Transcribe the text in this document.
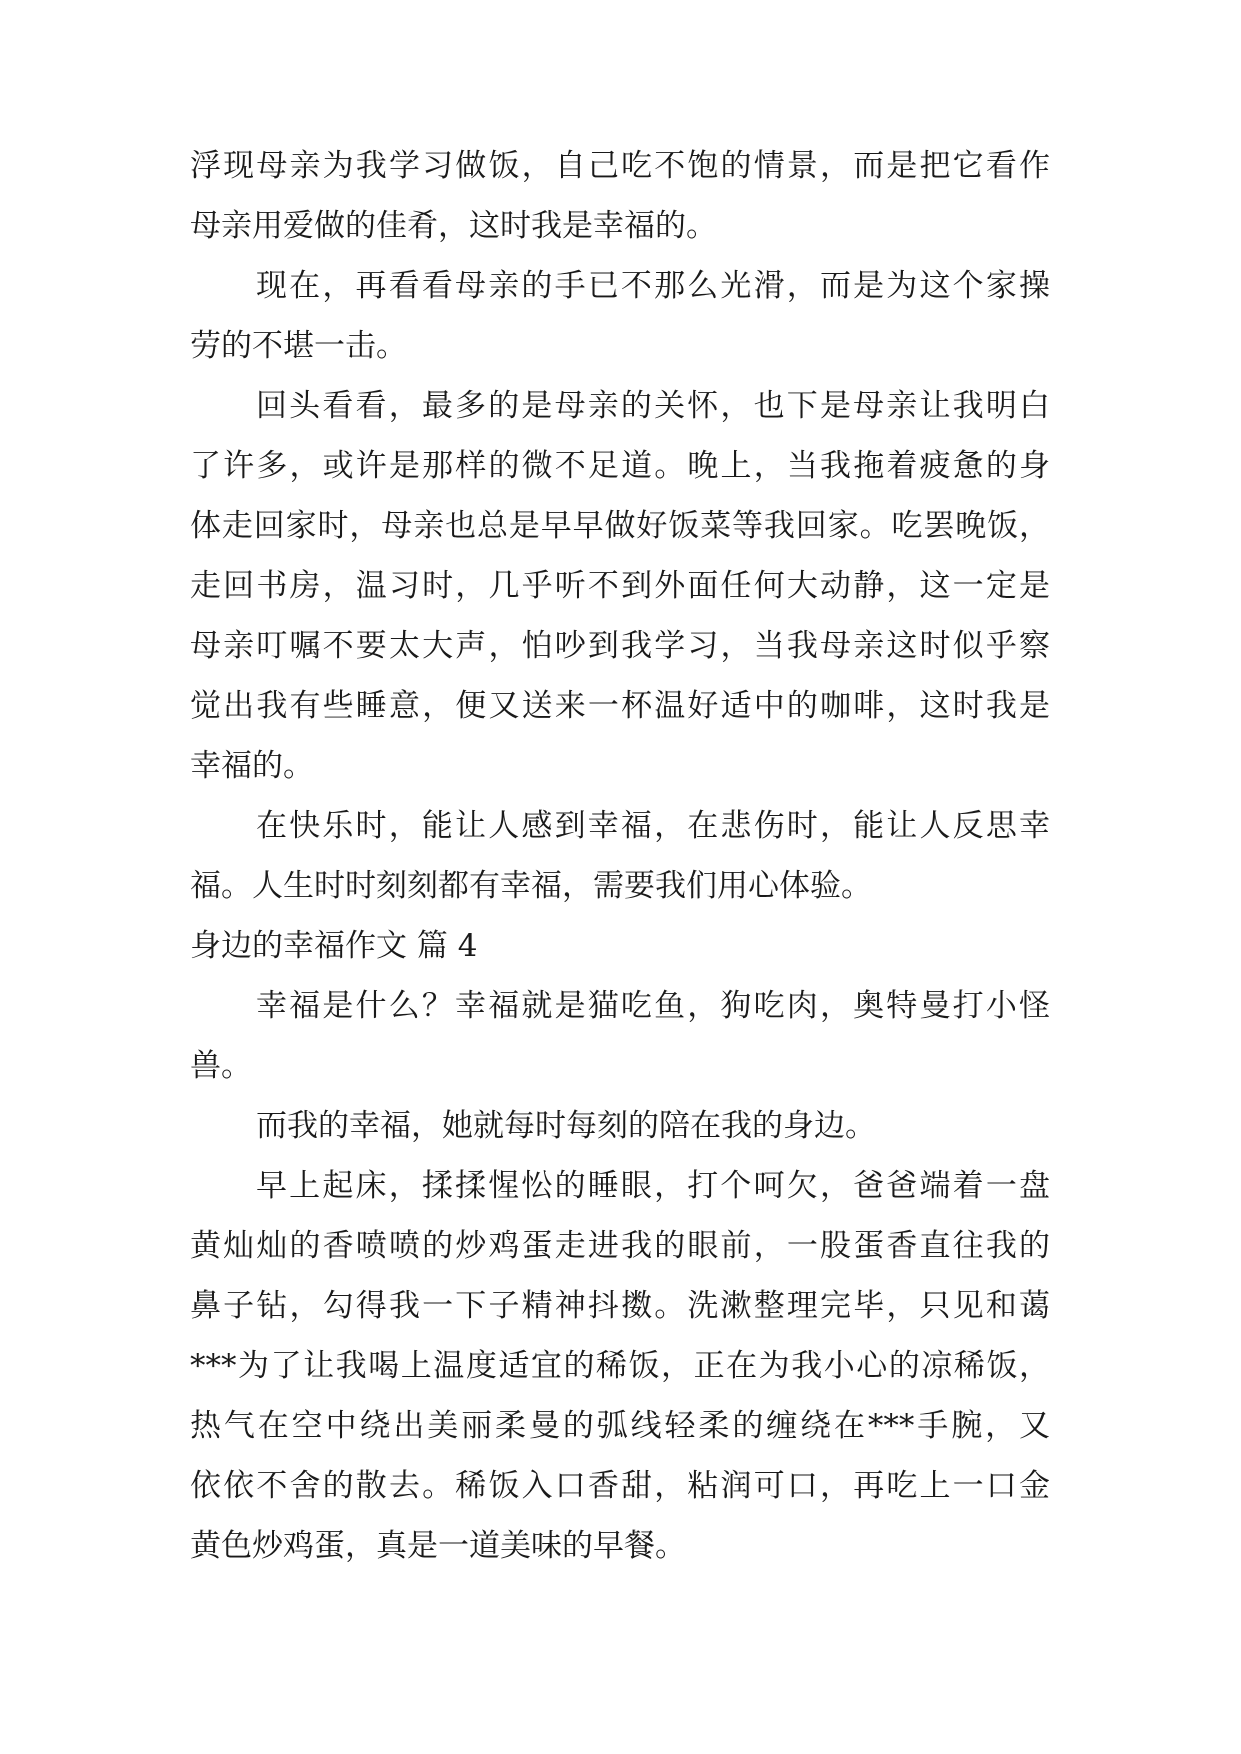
浮现母亲为我学习做饭，自己吃不饱的情景，而是把它看作
母亲用爱做的佳肴，这时我是幸福的。
现在，再看看母亲的手已不那么光滑，而是为这个家操
劳的不堪一击。
回头看看，最多的是母亲的关怀，也下是母亲让我明白
了许多，或许是那样的微不足道。晚上，当我拖着疲惫的身
体走回家时，母亲也总是早早做好饭菜等我回家。吃罢晚饭，
走回书房，温习时，几乎听不到外面任何大动静，这一定是
母亲叮嘱不要太大声，怕吵到我学习，当我母亲这时似乎察
觉出我有些睡意，便又送来一杯温好适中的咖啡，这时我是
幸福的。
在快乐时，能让人感到幸福，在悲伤时，能让人反思幸
福。人生时时刻刻都有幸福，需要我们用心体验。
身边的幸福作文 篇 4
幸福是什么？幸福就是猫吃鱼，狗吃肉，奥特曼打小怪
兽。
而我的幸福，她就每时每刻的陪在我的身边。
早上起床，揉揉惺忪的睡眼，打个呵欠，爸爸端着一盘
黄灿灿的香喷喷的炒鸡蛋走进我的眼前，一股蛋香直往我的
鼻子钻，勾得我一下子精神抖擞。洗漱整理完毕，只见和蔼
***为了让我喝上温度适宜的稀饭，正在为我小心的凉稀饭，
热气在空中绕出美丽柔曼的弧线轻柔的缠绕在***手腕，又
依依不舍的散去。稀饭入口香甜，粘润可口，再吃上一口金
黄色炒鸡蛋，真是一道美味的早餐。
